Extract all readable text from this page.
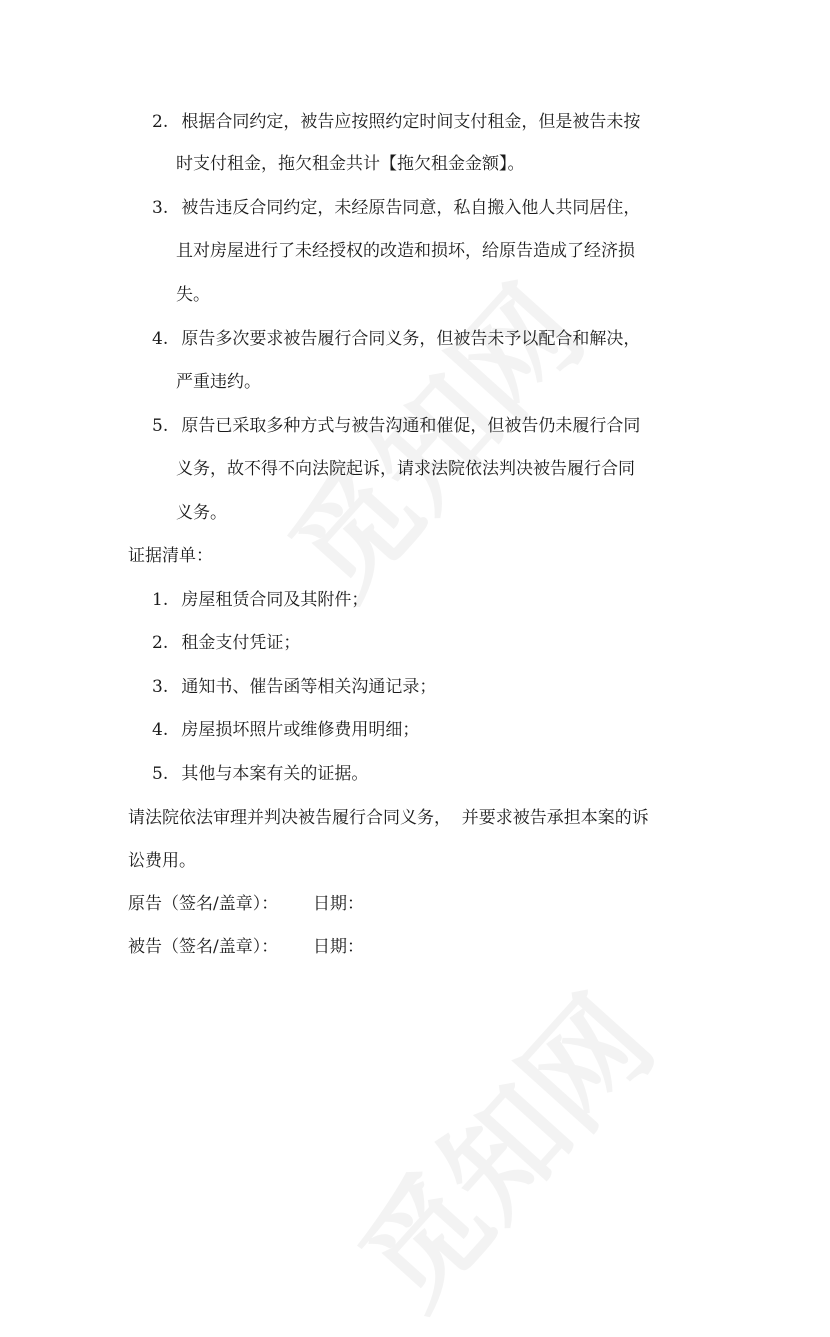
2. 根据合同约定，被告应按照约定时间支付租金，但是被告未按
时支付租金，拖欠租金共计【拖欠租金金额】。
3. 被告违反合同约定，未经原告同意，私自搬入他人共同居住，
且对房屋进行了未经授权的改造和损坏，给原告造成了经济损
失。
4. 原告多次要求被告履行合同义务，但被告未予以配合和解决，
严重违约。
5. 原告已采取多种方式与被告沟通和催促，但被告仍未履行合同
义务，故不得不向法院起诉，请求法院依法判决被告履行合同
义务。
证据清单：
1. 房屋租赁合同及其附件；
2. 租金支付凭证；
3. 通知书、催告函等相关沟通记录；
4. 房屋损坏照片或维修费用明细；
5. 其他与本案有关的证据。
请法院依法审理并判决被告履行合同义务，  并要求被告承担本案的诉
讼费用。
原告（签名/盖章）： 日期：
被告（签名/盖章）： 日期：
